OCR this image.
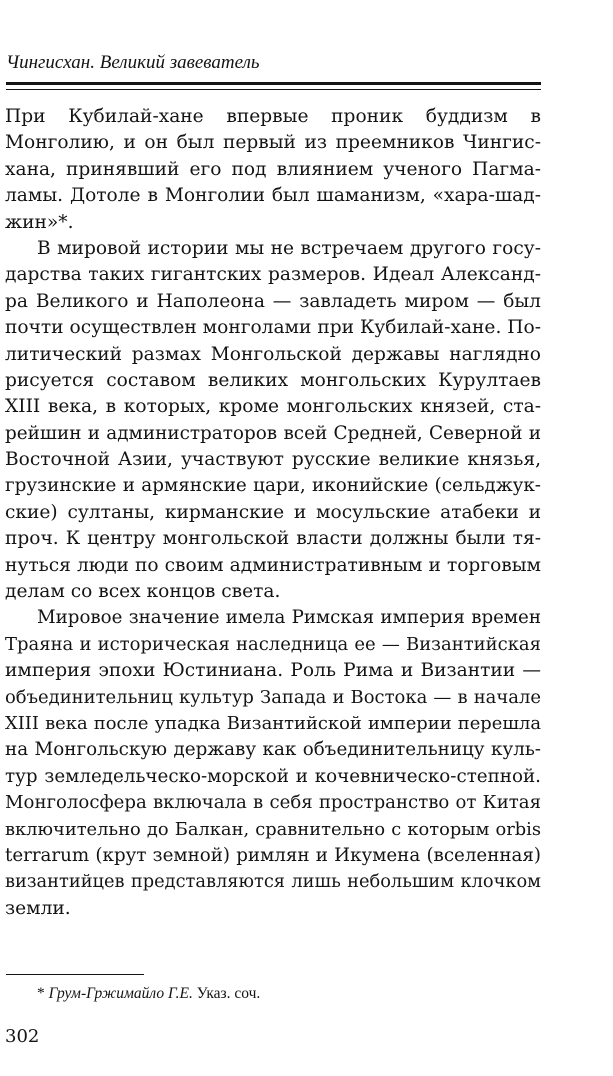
Чингисхан. Великий завеватель
При Кубилай-хане впервые проник буддизм в
Монголию, и он был первый из преемников Чингис-
хана, принявший его под влиянием ученого Пагма-
ламы. Дотоле в Монголии был шаманизм, «хара-шад-
жин»*.
В мировой истории мы не встречаем другого госу-
дарства таких гигантских размеров. Идеал Александ-
ра Великого и Наполеона — завладеть миром — был
почти осуществлен монголами при Кубилай-хане. По-
литический размах Монгольской державы наглядно
рисуется составом великих монгольских Курултаев
XIII века, в которых, кроме монгольских князей, ста-
рейшин и администраторов всей Средней, Северной и
Восточной Азии, участвуют русские великие князья,
грузинские и армянские цари, иконийские (сельджук-
ские) султаны, кирманские и мосульские атабеки и
проч. К центру монгольской власти должны были тя-
нуться люди по своим административным и торговым
делам со всех концов света.
Мировое значение имела Римская империя времен
Траяна и историческая наследница ее — Византийская
империя эпохи Юстиниана. Роль Рима и Византии —
объединительниц культур Запада и Востока — в начале
XIII века после упадка Византийской империи перешла
на Монгольскую державу как объединительницу куль-
тур земледельческо-морской и кочевническо-степной.
Монголосфера включала в себя пространство от Китая
включительно до Балкан, сравнительно с которым orbis
terrarum (крут земной) римлян и Икумена (вселенная)
византийцев представляются лишь небольшим клочком
земли.
* Грум-Гржимайло Г.Е. Указ. соч.
302
